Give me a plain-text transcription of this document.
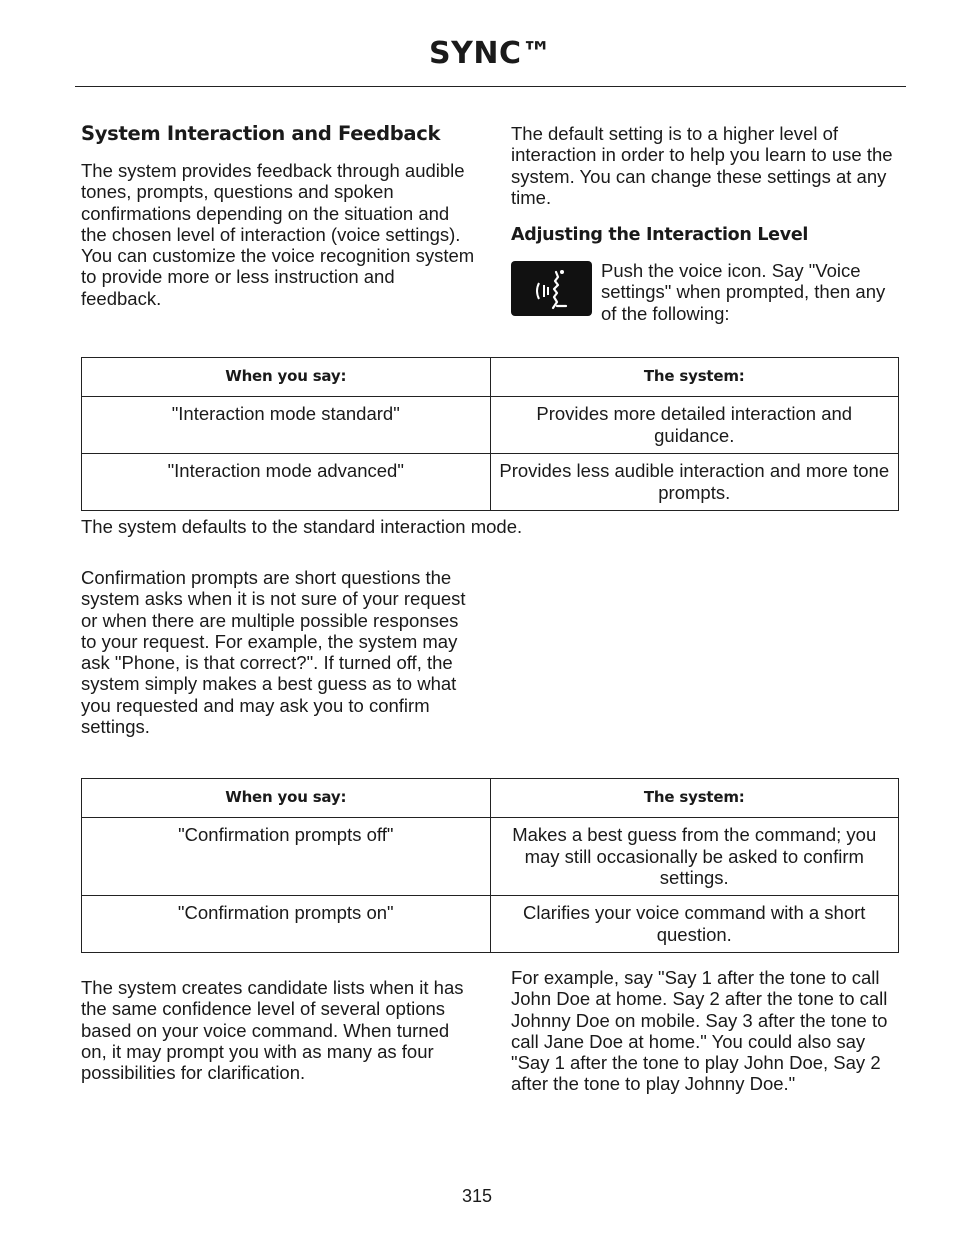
SYNC™
System Interaction and Feedback

The system provides feedback through audible tones, prompts, questions and spoken confirmations depending on the situation and the chosen level of interaction (voice settings). You can customize the voice recognition system to provide more or less instruction and feedback.

The default setting is to a higher level of interaction in order to help you learn to use the system. You can change these settings at any time.

Adjusting the Interaction Level
Push the voice icon. Say "Voice settings" when prompted, then any of the following:
When you say:	The system:
"Interaction mode standard"	Provides more detailed interaction and guidance.
"Interaction mode advanced"	Provides less audible interaction and more tone prompts.
The system defaults to the standard interaction mode.
Confirmation prompts are short questions the system asks when it is not sure of your request or when there are multiple possible responses to your request. For example, the system may ask "Phone, is that correct?". If turned off, the system simply makes a best guess as to what you requested and may ask you to confirm settings.
When you say:	The system:
"Confirmation prompts off"	Makes a best guess from the command; you may still occasionally be asked to confirm settings.
"Confirmation prompts on"	Clarifies your voice command with a short question.
The system creates candidate lists when it has the same confidence level of several options based on your voice command. When turned on, it may prompt you with as many as four possibilities for clarification.
For example, say "Say 1 after the tone to call John Doe at home. Say 2 after the tone to call Johnny Doe on mobile. Say 3 after the tone to call Jane Doe at home." You could also say "Say 1 after the tone to play John Doe, Say 2 after the tone to play Johnny Doe."
315
